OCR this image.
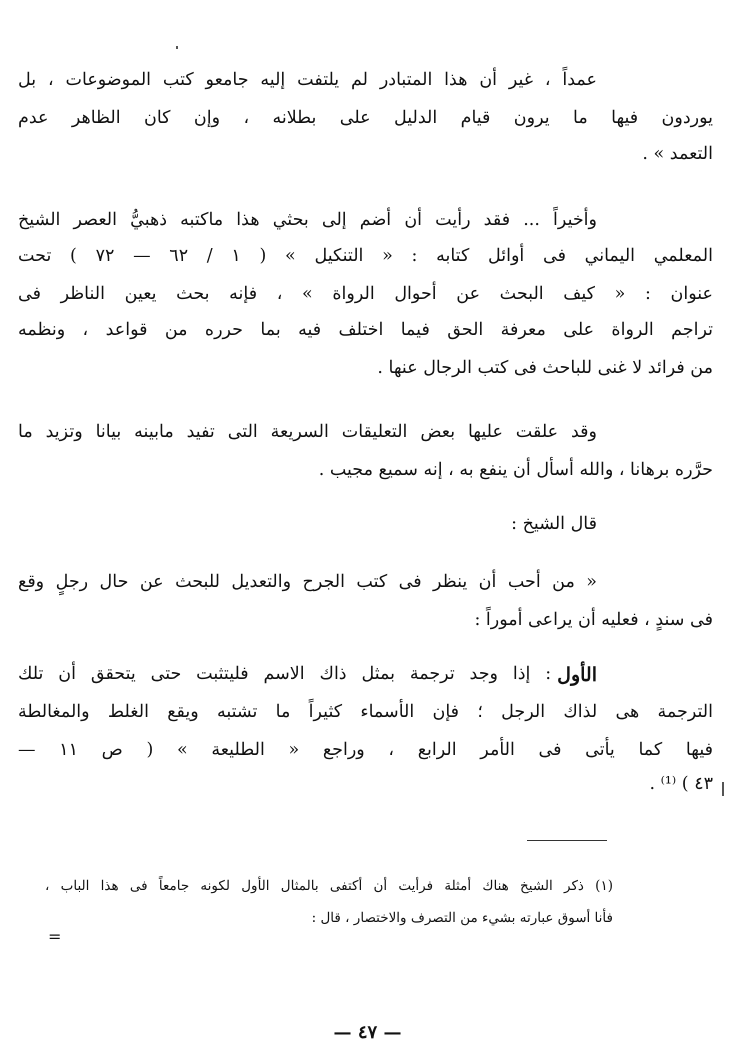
عمداً ، غير أن هذا المتبادر لم يلتفت إليه جامعو كتب الموضوعات ، بل
يوردون فيها ما يرون قيام الدليل على بطلانه ، وإن كان الظاهر عدم
التعمد » .
وأخيراً ... فقد رأيت أن أضم إلى بحثي هذا ماكتبه ذهبيُّ العصر الشيخ
المعلمي اليماني فى أوائل كتابه : « التنكيل » ( ١ / ٦٢ — ٧٢ ) تحت
عنوان : « كيف البحث عن أحوال الرواة » ، فإنه بحث يعين الناظر فى
تراجم الرواة على معرفة الحق فيما اختلف فيه بما حرره من قواعد ، ونظمه
من فرائد لا غنى للباحث فى كتب الرجال عنها .
وقد علقت عليها بعض التعليقات السريعة التى تفيد مابينه بيانا وتزيد ما
حرَّره برهانا ، والله أسأل أن ينفع به ، إنه سميع مجيب .
قال الشيخ :
« من أحب أن ينظر فى كتب الجرح والتعديل للبحث عن حال رجلٍ وقع
فى سندٍ ، فعليه أن يراعى أموراً :
الأول
: إذا وجد ترجمة بمثل ذاك الاسم فليتثبت حتى يتحقق أن تلك
الترجمة هى لذاك الرجل ؛ فإن الأسماء كثيراً ما تشتبه ويقع الغلط والمغالطة
فيها كما يأتى فى الأمر الرابع ، وراجع « الطليعة » ( ص ١١ —
٤٣ ) ⁽¹⁾ .
(١) ذكر الشيخ هناك أمثلة فرأيت أن أكتفى بالمثال الأول لكونه جامعاً فى هذا الباب ،
فأنا أسوق عبارته بشيء من التصرف والاختصار ، قال :
=
— ٤٧ —
